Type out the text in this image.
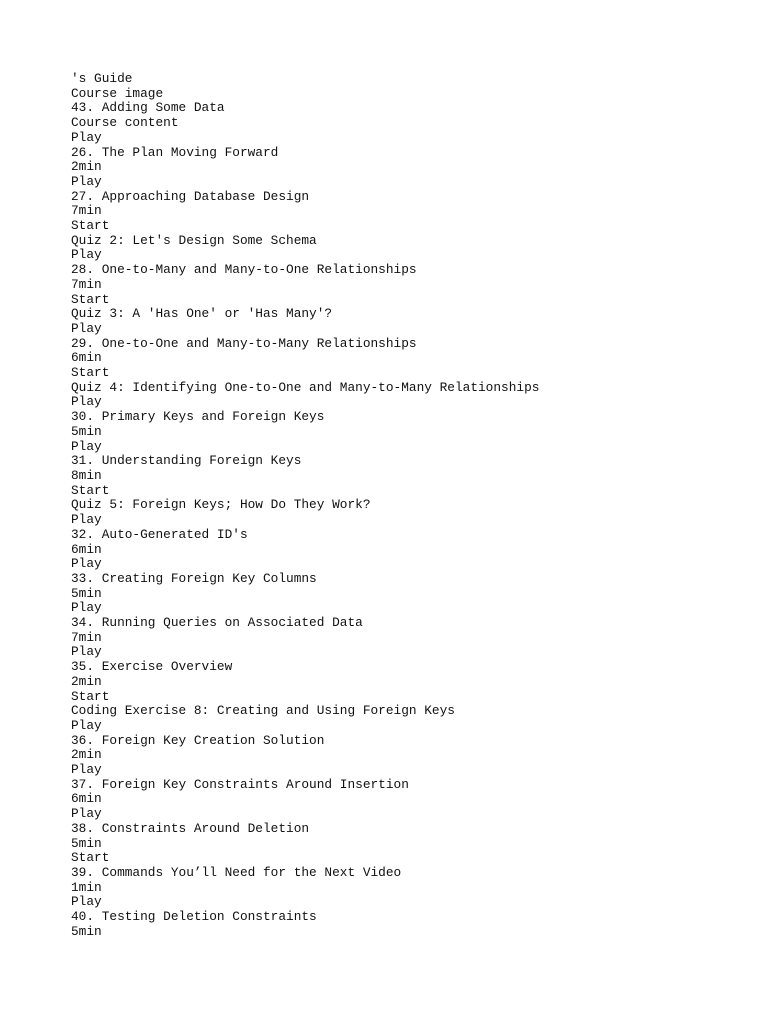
's Guide
Course image
43. Adding Some Data
Course content
Play
26. The Plan Moving Forward
2min
Play
27. Approaching Database Design
7min
Start
Quiz 2: Let's Design Some Schema
Play
28. One-to-Many and Many-to-One Relationships
7min
Start
Quiz 3: A 'Has One' or 'Has Many'?
Play
29. One-to-One and Many-to-Many Relationships
6min
Start
Quiz 4: Identifying One-to-One and Many-to-Many Relationships
Play
30. Primary Keys and Foreign Keys
5min
Play
31. Understanding Foreign Keys
8min
Start
Quiz 5: Foreign Keys; How Do They Work?
Play
32. Auto-Generated ID's
6min
Play
33. Creating Foreign Key Columns
5min
Play
34. Running Queries on Associated Data
7min
Play
35. Exercise Overview
2min
Start
Coding Exercise 8: Creating and Using Foreign Keys
Play
36. Foreign Key Creation Solution
2min
Play
37. Foreign Key Constraints Around Insertion
6min
Play
38. Constraints Around Deletion
5min
Start
39. Commands You’ll Need for the Next Video
1min
Play
40. Testing Deletion Constraints
5min
